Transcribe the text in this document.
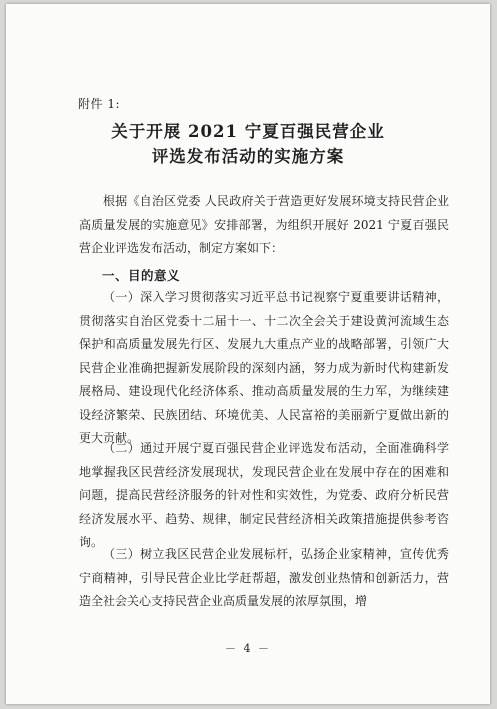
附件 1:
关于开展 2021 宁夏百强民营企业
评选发布活动的实施方案

根据《自治区党委 人民政府关于营造更好发展环境支持民营企业高质量发展的实施意见》安排部署，为组织开展好 2021 宁夏百强民营企业评选发布活动，制定方案如下：

一、目的意义

（一）深入学习贯彻落实习近平总书记视察宁夏重要讲话精神，贯彻落实自治区党委十二届十一、十二次全会关于建设黄河流域生态保护和高质量发展先行区、发展九大重点产业的战略部署，引领广大民营企业准确把握新发展阶段的深刻内涵，努力成为新时代构建新发展格局、建设现代化经济体系、推动高质量发展的生力军，为继续建设经济繁荣、民族团结、环境优美、人民富裕的美丽新宁夏做出新的更大贡献。

（二）通过开展宁夏百强民营企业评选发布活动，全面准确科学地掌握我区民营经济发展现状，发现民营企业在发展中存在的困难和问题，提高民营经济服务的针对性和实效性，为党委、政府分析民营经济发展水平、趋势、规律，制定民营经济相关政策措施提供参考咨询。

（三）树立我区民营企业发展标杆，弘扬企业家精神，宣传优秀宁商精神，引导民营企业比学赶帮超，激发创业热情和创新活力，营造全社会关心支持民营企业高质量发展的浓厚氛围，增

－ 4 －
